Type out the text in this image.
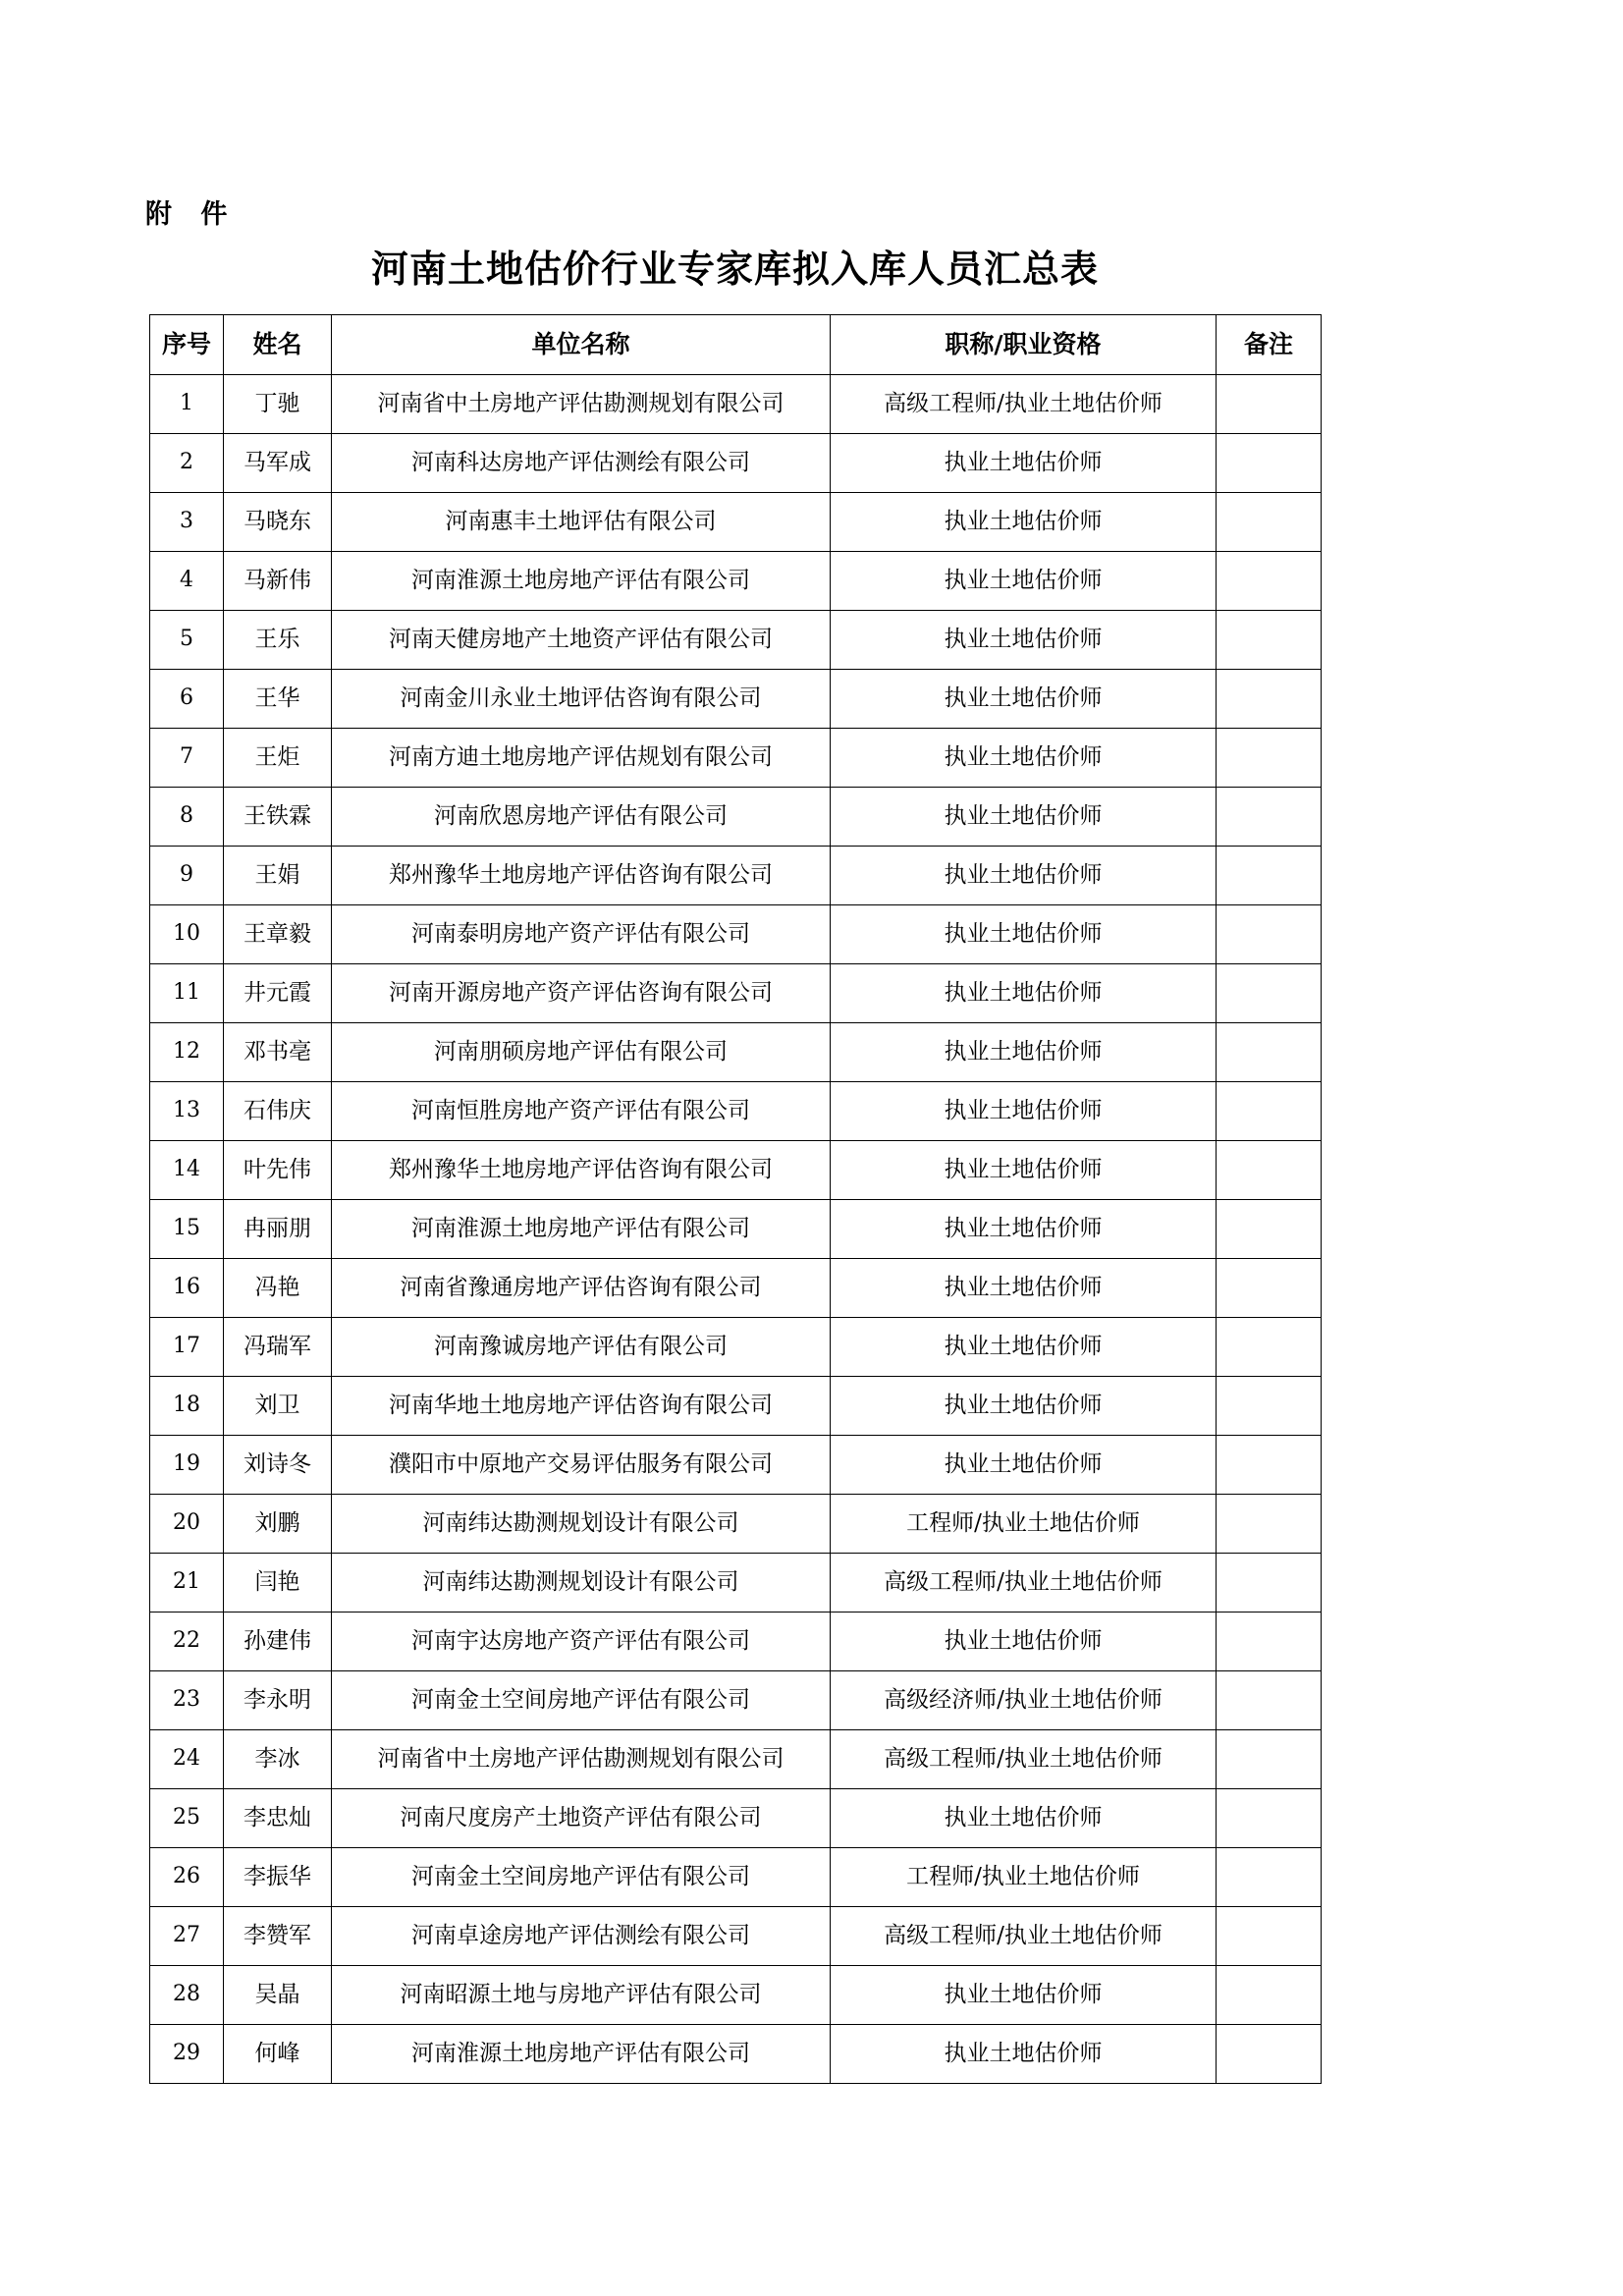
附 件
河南土地估价行业专家库拟入库人员汇总表
序号	姓名	单位名称	职称/职业资格	备注
1	丁驰	河南省中土房地产评估勘测规划有限公司	高级工程师/执业土地估价师	
2	马军成	河南科达房地产评估测绘有限公司	执业土地估价师	
3	马晓东	河南惠丰土地评估有限公司	执业土地估价师	
4	马新伟	河南淮源土地房地产评估有限公司	执业土地估价师	
5	王乐	河南天健房地产土地资产评估有限公司	执业土地估价师	
6	王华	河南金川永业土地评估咨询有限公司	执业土地估价师	
7	王炬	河南方迪土地房地产评估规划有限公司	执业土地估价师	
8	王铁霖	河南欣恩房地产评估有限公司	执业土地估价师	
9	王娟	郑州豫华土地房地产评估咨询有限公司	执业土地估价师	
10	王章毅	河南泰明房地产资产评估有限公司	执业土地估价师	
11	井元霞	河南开源房地产资产评估咨询有限公司	执业土地估价师	
12	邓书亳	河南朋硕房地产评估有限公司	执业土地估价师	
13	石伟庆	河南恒胜房地产资产评估有限公司	执业土地估价师	
14	叶先伟	郑州豫华土地房地产评估咨询有限公司	执业土地估价师	
15	冉丽朋	河南淮源土地房地产评估有限公司	执业土地估价师	
16	冯艳	河南省豫通房地产评估咨询有限公司	执业土地估价师	
17	冯瑞军	河南豫诚房地产评估有限公司	执业土地估价师	
18	刘卫	河南华地土地房地产评估咨询有限公司	执业土地估价师	
19	刘诗冬	濮阳市中原地产交易评估服务有限公司	执业土地估价师	
20	刘鹏	河南纬达勘测规划设计有限公司	工程师/执业土地估价师	
21	闫艳	河南纬达勘测规划设计有限公司	高级工程师/执业土地估价师	
22	孙建伟	河南宇达房地产资产评估有限公司	执业土地估价师	
23	李永明	河南金土空间房地产评估有限公司	高级经济师/执业土地估价师	
24	李冰	河南省中土房地产评估勘测规划有限公司	高级工程师/执业土地估价师	
25	李忠灿	河南尺度房产土地资产评估有限公司	执业土地估价师	
26	李振华	河南金土空间房地产评估有限公司	工程师/执业土地估价师	
27	李赞军	河南卓途房地产评估测绘有限公司	高级工程师/执业土地估价师	
28	吴晶	河南昭源土地与房地产评估有限公司	执业土地估价师	
29	何峰	河南淮源土地房地产评估有限公司	执业土地估价师	
